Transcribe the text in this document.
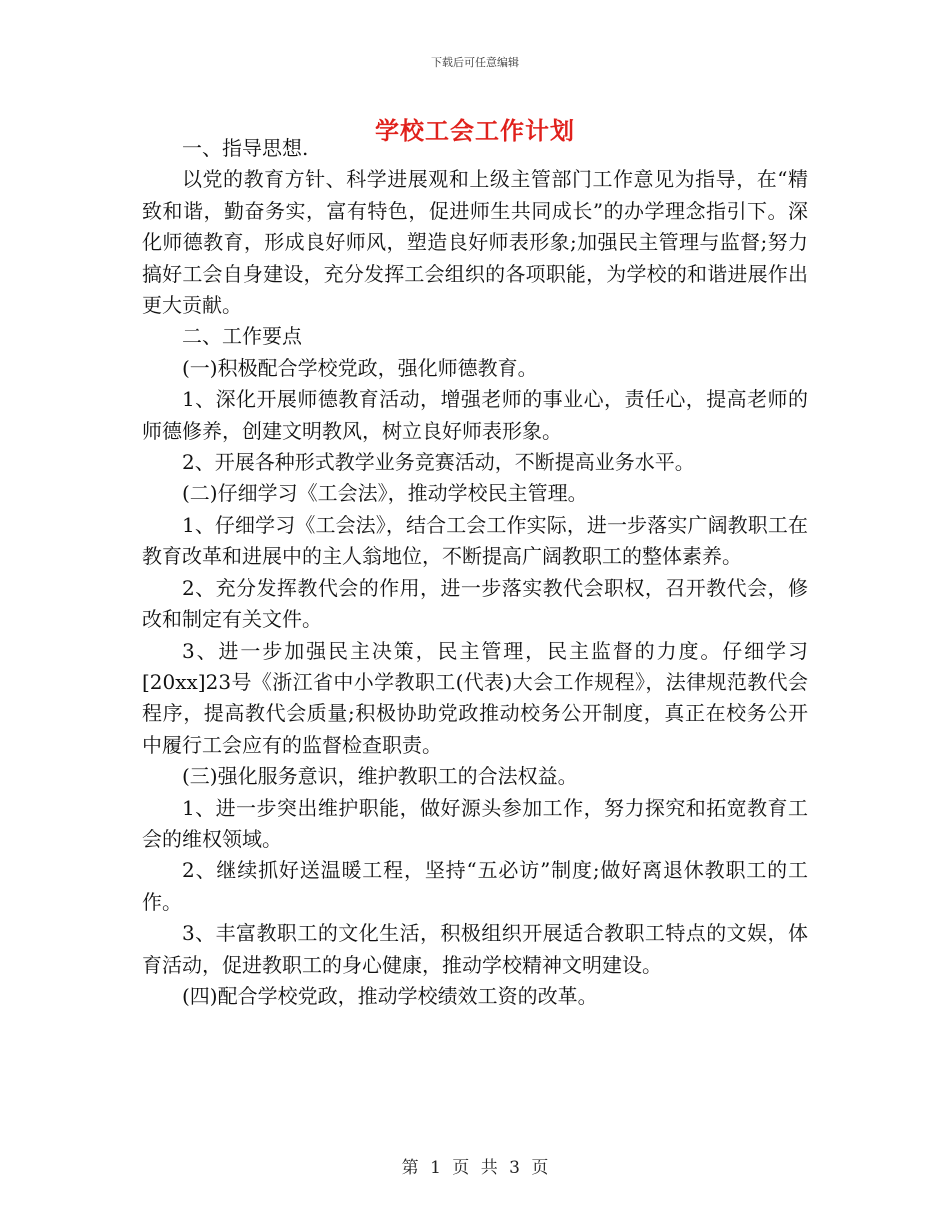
下载后可任意编辑
学校工会工作计划

一、指导思想.

以党的教育方针、科学进展观和上级主管部门工作意见为指导，在“精致和谐，勤奋务实，富有特色，促进师生共同成长”的办学理念指引下。深化师德教育，形成良好师风，塑造良好师表形象;加强民主管理与监督;努力搞好工会自身建设，充分发挥工会组织的各项职能，为学校的和谐进展作出更大贡献。

二、工作要点

(一)积极配合学校党政，强化师德教育。

1、深化开展师德教育活动，增强老师的事业心，责任心，提高老师的师德修养，创建文明教风，树立良好师表形象。

2、开展各种形式教学业务竞赛活动，不断提高业务水平。

(二)仔细学习《工会法》，推动学校民主管理。

1、仔细学习《工会法》，结合工会工作实际，进一步落实广阔教职工在教育改革和进展中的主人翁地位，不断提高广阔教职工的整体素养。

2、充分发挥教代会的作用，进一步落实教代会职权，召开教代会，修改和制定有关文件。

3、进一步加强民主决策，民主管理，民主监督的力度。仔细学习[20xx]23号《浙江省中小学教职工(代表)大会工作规程》，法律规范教代会程序，提高教代会质量;积极协助党政推动校务公开制度，真正在校务公开中履行工会应有的监督检查职责。

(三)强化服务意识，维护教职工的合法权益。

1、进一步突出维护职能，做好源头参加工作，努力探究和拓宽教育工会的维权领域。

2、继续抓好送温暖工程，坚持“五必访”制度;做好离退休教职工的工作。

3、丰富教职工的文化生活，积极组织开展适合教职工特点的文娱，体育活动，促进教职工的身心健康，推动学校精神文明建设。

(四)配合学校党政，推动学校绩效工资的改革。

第 1 页 共 3 页
